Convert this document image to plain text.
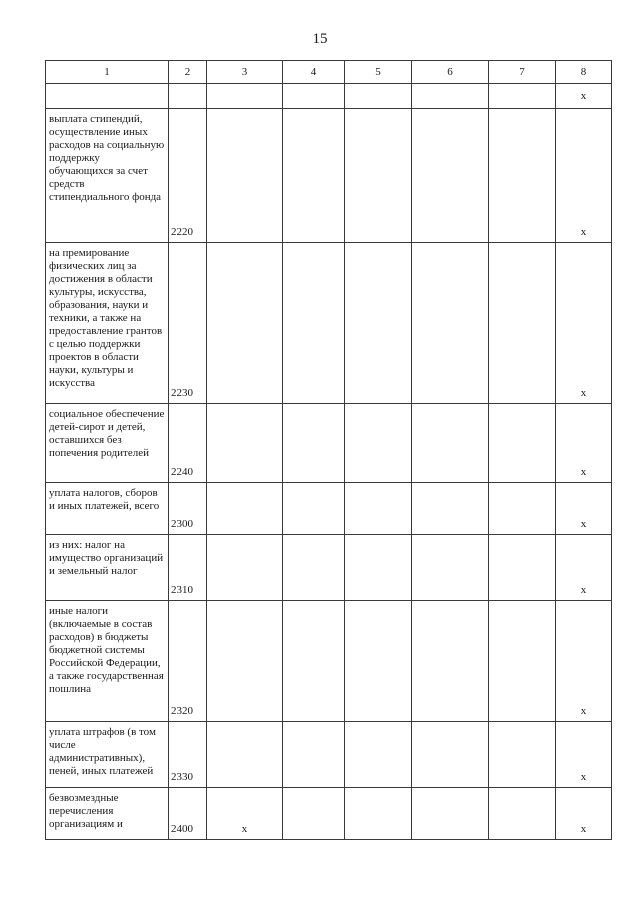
15
1	2	3	4	5	6	7	8

							x

выплата стипендий, осуществление иных расходов на социальную поддержку обучающихся за счет средств стипендиального фонда	2220						x

на премирование физических лиц за достижения в области культуры, искусства, образования, науки и техники, а также на предоставление грантов с целью поддержки проектов в области науки, культуры и искусства	2230						x

социальное обеспечение детей-сирот и детей, оставшихся без попечения родителей	2240						x

уплата налогов, сборов и иных платежей, всего	2300						x

из них: налог на имущество организаций и земельный налог	2310						x

иные налоги (включаемые в состав расходов) в бюджеты бюджетной системы Российской Федерации, а также государственная пошлина	2320						x

уплата штрафов (в том числе административных), пеней, иных платежей	2330						x

безвозмездные перечисления организациям и	2400	x					x
